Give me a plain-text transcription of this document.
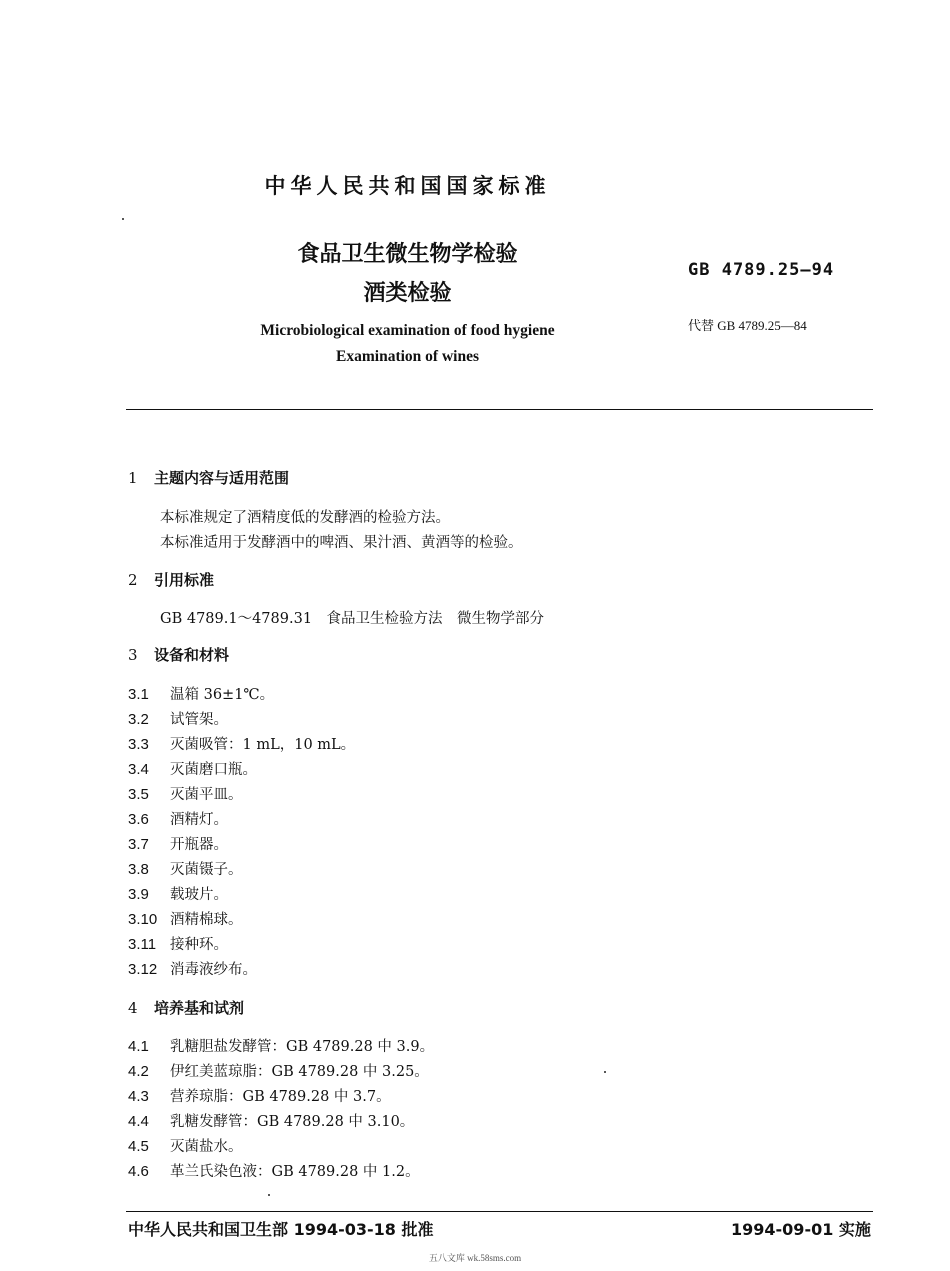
中华人民共和国国家标准
食品卫生微生物学检验
酒类检验
Microbiological examination of food hygiene
Examination of wines
GB 4789.25—94
代替 GB 4789.25—84
1 主题内容与适用范围
本标准规定了酒精度低的发酵酒的检验方法。
本标准适用于发酵酒中的啤酒、果汁酒、黄酒等的检验。
2 引用标准
GB 4789.1～4789.31　食品卫生检验方法　微生物学部分
3 设备和材料
3.1 温箱 36±1℃。
3.2 试管架。
3.3 灭菌吸管：1 mL，10 mL。
3.4 灭菌磨口瓶。
3.5 灭菌平皿。
3.6 酒精灯。
3.7 开瓶器。
3.8 灭菌镊子。
3.9 载玻片。
3.10 酒精棉球。
3.11 接种环。
3.12 消毒液纱布。
4 培养基和试剂
4.1 乳糖胆盐发酵管：GB 4789.28 中 3.9。
4.2 伊红美蓝琼脂：GB 4789.28 中 3.25。
4.3 营养琼脂：GB 4789.28 中 3.7。
4.4 乳糖发酵管：GB 4789.28 中 3.10。
4.5 灭菌盐水。
4.6 革兰氏染色液：GB 4789.28 中 1.2。
中华人民共和国卫生部 1994-03-18 批准	1994-09-01 实施
五八文库 wk.58sms.com
